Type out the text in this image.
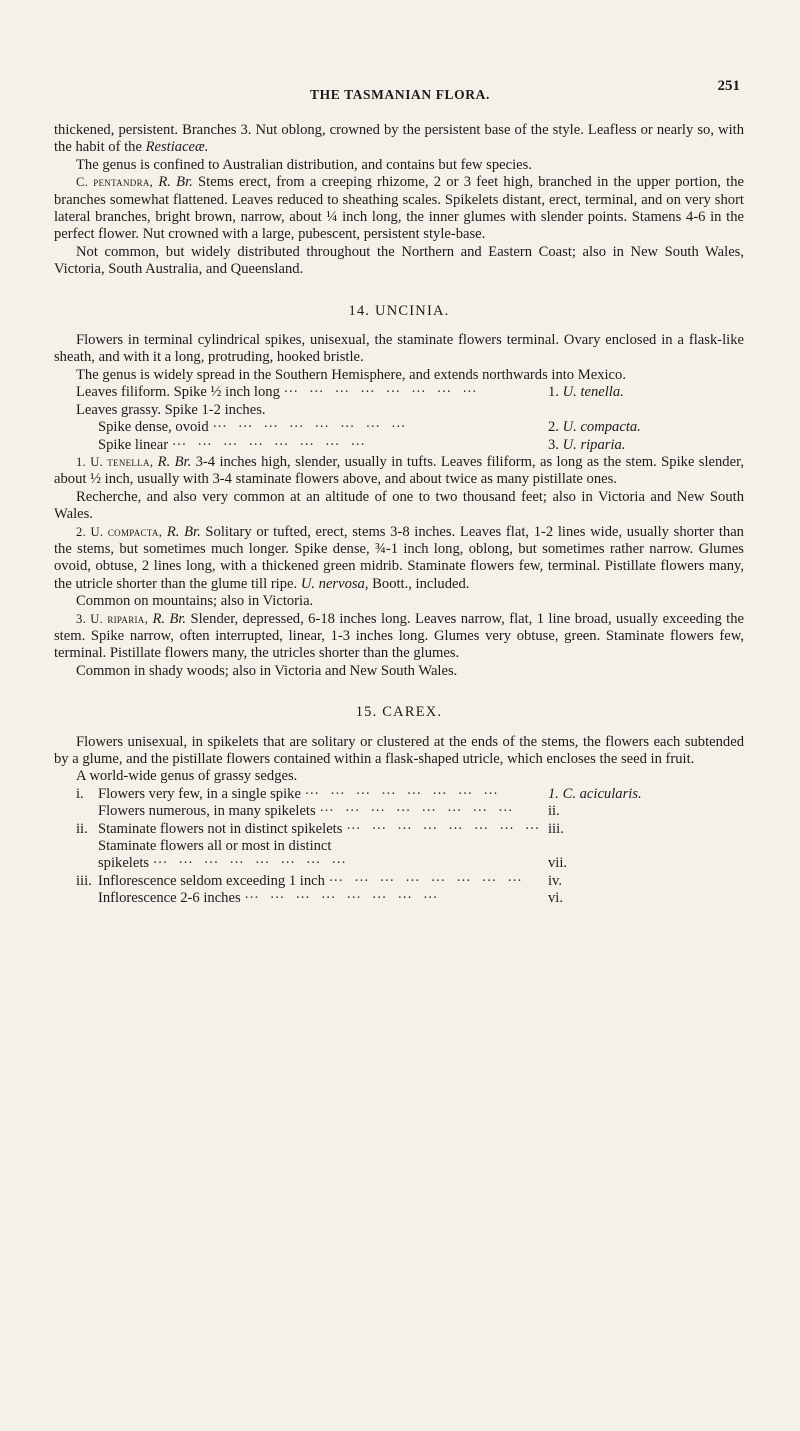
THE TASMANIAN FLORA.
251

thickened, persistent. Branches 3. Nut oblong, crowned by the persistent base of the style. Leafless or nearly so, with the habit of the Restiaceæ.

The genus is confined to Australian distribution, and contains but few species.

C. pentandra, R. Br. Stems erect, from a creeping rhizome, 2 or 3 feet high, branched in the upper portion, the branches somewhat flattened. Leaves reduced to sheathing scales. Spikelets distant, erect, terminal, and on very short lateral branches, bright brown, narrow, about ¼ inch long, the inner glumes with slender points. Stamens 4-6 in the perfect flower. Nut crowned with a large, pubescent, persistent style-base.

Not common, but widely distributed throughout the Northern and Eastern Coast; also in New South Wales, Victoria, South Australia, and Queensland.

14. UNCINIA.

Flowers in terminal cylindrical spikes, unisexual, the staminate flowers terminal. Ovary enclosed in a flask-like sheath, and with it a long, protruding, hooked bristle.

The genus is widely spread in the Southern Hemisphere, and extends northwards into Mexico.

Leaves filiform. Spike ½ inch long ···	1. U. tenella.
Leaves grassy. Spike 1-2 inches.
Spike dense, ovoid ···	2. U. compacta.
Spike linear ···	3. U. riparia.

1. U. tenella, R. Br. 3-4 inches high, slender, usually in tufts. Leaves filiform, as long as the stem. Spike slender, about ½ inch, usually with 3-4 staminate flowers above, and about twice as many pistillate ones.

Recherche, and also very common at an altitude of one to two thousand feet; also in Victoria and New South Wales.

2. U. compacta, R. Br. Solitary or tufted, erect, stems 3-8 inches. Leaves flat, 1-2 lines wide, usually shorter than the stems, but sometimes much longer. Spike dense, ¾-1 inch long, oblong, but sometimes rather narrow. Glumes ovoid, obtuse, 2 lines long, with a thickened green midrib. Staminate flowers few, terminal. Pistillate flowers many, the utricle shorter than the glume till ripe. U. nervosa, Boott., included.

Common on mountains; also in Victoria.

3. U. riparia, R. Br. Slender, depressed, 6-18 inches long. Leaves narrow, flat, 1 line broad, usually exceeding the stem. Spike narrow, often interrupted, linear, 1-3 inches long. Glumes very obtuse, green. Staminate flowers few, terminal. Pistillate flowers many, the utricles shorter than the glumes.

Common in shady woods; also in Victoria and New South Wales.

15. CAREX.

Flowers unisexual, in spikelets that are solitary or clustered at the ends of the stems, the flowers each subtended by a glume, and the pistillate flowers contained within a flask-shaped utricle, which encloses the seed in fruit.

A world-wide genus of grassy sedges.

i. Flowers very few, in a single spike ···	1. C. acicularis.
Flowers numerous, in many spikelets ···	ii.
ii. Staminate flowers not in distinct spikelets ···	iii.
Staminate flowers all or most in distinct
spikelets ···	vii.
iii. Inflorescence seldom exceeding 1 inch ···	iv.
Inflorescence 2-6 inches ···	vi.
